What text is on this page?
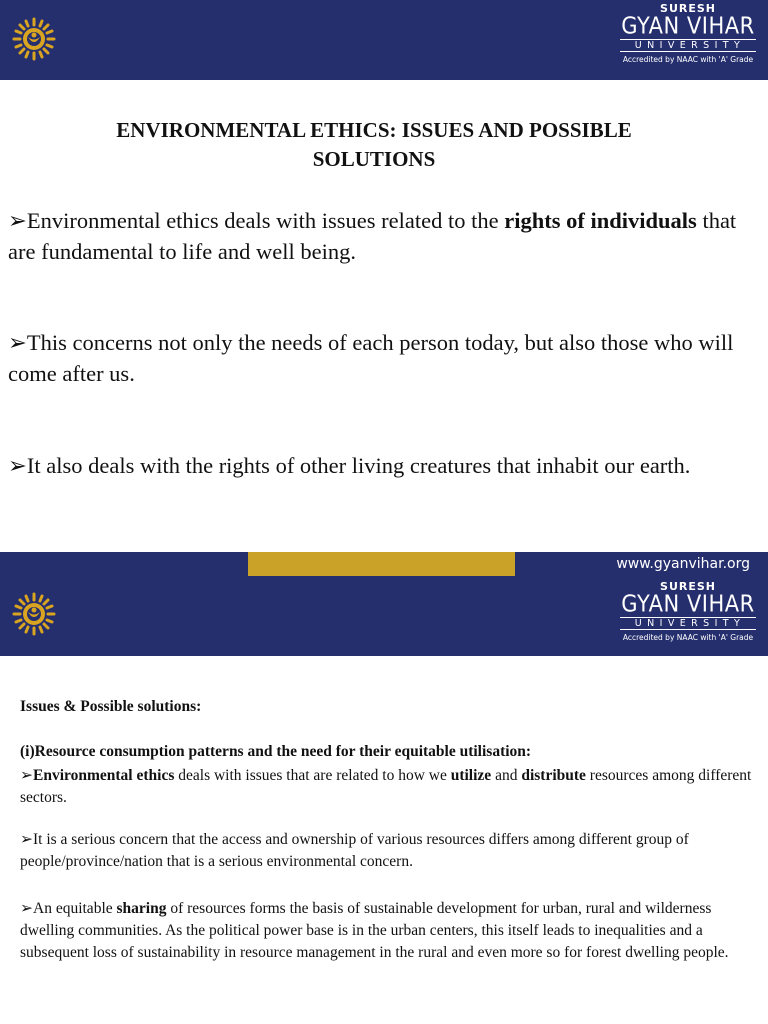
SURESH
GYAN VIHAR
UNIVERSITY
Accredited by NAAC with 'A' Grade
ENVIRONMENTAL ETHICS: ISSUES AND POSSIBLE
SOLUTIONS
➢Environmental ethics deals with issues related to the rights of individuals that are fundamental to life and well being.
➢This concerns not only the needs of each person today, but also those who will come after us.
➢It also deals with the rights of other living creatures that inhabit our earth.
www.gyanvihar.org
SURESH
GYAN VIHAR
UNIVERSITY
Accredited by NAAC with 'A' Grade
Issues & Possible solutions:
(i)Resource consumption patterns and the need for their equitable utilisation:
➢Environmental ethics deals with issues that are related to how we utilize and distribute resources among different sectors.
➢It is a serious concern that the access and ownership of various resources differs among different group of people/province/nation that is a serious environmental concern.
➢An equitable sharing of resources forms the basis of sustainable development for urban, rural and wilderness dwelling communities. As the political power base is in the urban centers, this itself leads to inequalities and a subsequent loss of sustainability in resource management in the rural and even more so for forest dwelling people.
